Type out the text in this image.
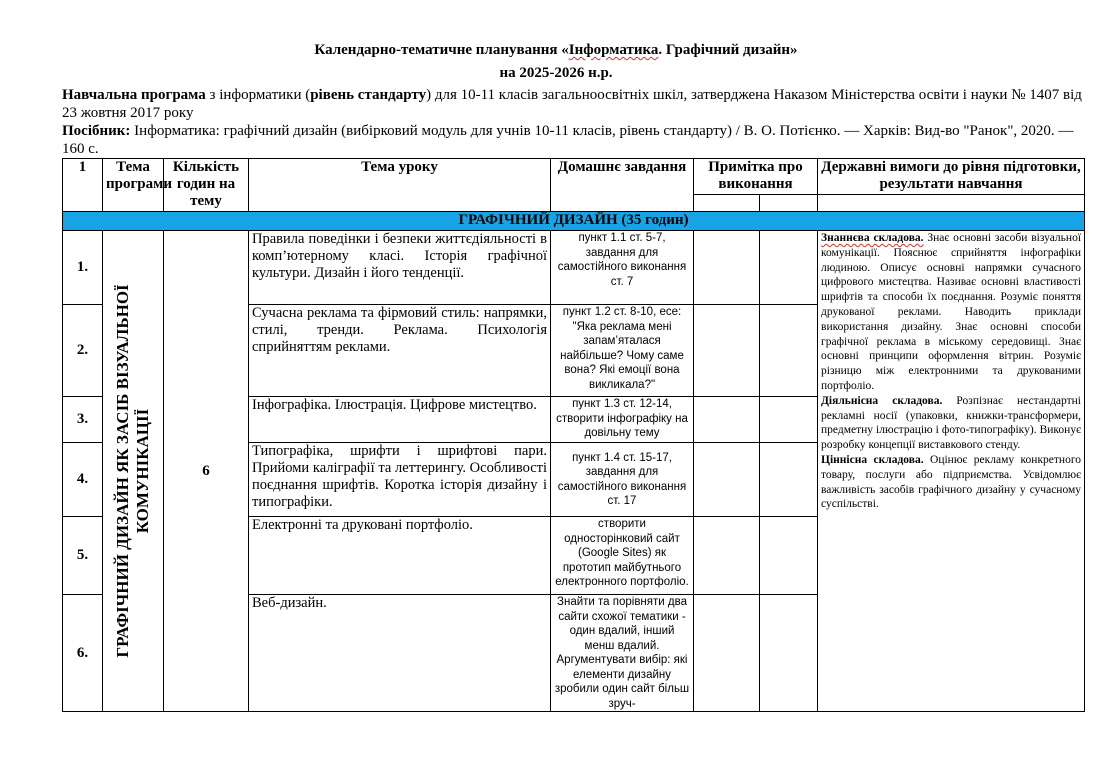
Календарно-тематичне планування «Інформатика. Графічний дизайн»
на 2025-2026 н.р.
Навчальна програма з інформатики (рівень стандарту) для 10-11 класів загальноосвітніх шкіл, затверджена Наказом Міністерства освіти і науки № 1407 від 23 жовтня 2017 року
Посібник: Інформатика: графічний дизайн (вибірковий модуль для учнів 10-11 класів, рівень стандарту) / В. О. Потієнко. — Харків: Вид-во "Ранок", 2020. — 160 с.
1	Тема програми	Кількість годин на тему	Тема уроку	Домашнє завдання	Примітка про виконання		Державні вимоги до рівня підготовки, результати навчання

ГРАФІЧНИЙ ДИЗАЙН (35 годин)							
1.	ГРАФІЧНИЙ ДИЗАЙН ЯК ЗАСІБ ВІЗУАЛЬНОЇ КОМУНІКАЦІЇ	6	Правила поведінки і безпеки життєдіяльності в комп’ютерному класі. Історія графічної культури. Дизайн і його тенденції.	пункт 1.1 ст. 5-7, завдання для самостійного виконання ст. 7			Знаннєва складова. Знає основні засоби візуальної комунікації. Пояснює сприйняття інфографіки людиною. Описує основні напрямки сучасного цифрового мистецтва. Називає основні властивості шрифтів та способи їх поєднання. Розуміє поняття друкованої реклами. Наводить приклади використання дизайну. Знає основні способи графічної реклама в міському середовищі. Знає основні принципи оформлення вітрин. Розуміє різницю між електронними та друкованими портфоліо.
Діяльнісна складова. Розпізнає нестандартні рекламні носії (упаковки, книжки-трансформери, предметну ілюстрацію і фото-типографіку). Виконує розробку концепції виставкового стенду.
Ціннісна складова. Оцінює рекламу конкретного товару, послуги або підприємства. Усвідомлює важливість засобів графічного дизайну у сучасному суспільстві.
2.			Сучасна реклама та фірмовий стиль: напрямки, стилі, тренди. Реклама. Психологія сприйняттям реклами.	пункт 1.2 ст. 8-10, есе: "Яка реклама мені запам’яталася найбільше? Чому саме вона? Які емоції вона викликала?"			
3.			Інфографіка. Ілюстрація. Цифрове мистецтво.	пункт 1.3 ст. 12-14, створити інфографіку на довільну тему			
4.			Типографіка, шрифти і шрифтові пари. Прийоми каліграфії та леттерингу. Особливості поєднання шрифтів. Коротка історія дизайну і типографіки.	пункт 1.4 ст. 15-17, завдання для самостійного виконання ст. 17			
5.			Електронні та друковані портфоліо.	створити односторінковий сайт (Google Sites) як прототип майбутнього електронного портфоліо.			
6.			Веб-дизайн.	Знайти та порівняти два сайти схожої тематики - один вдалий, інший менш вдалий. Аргументувати вибір: які елементи дизайну зробили один сайт більш зруч-			
